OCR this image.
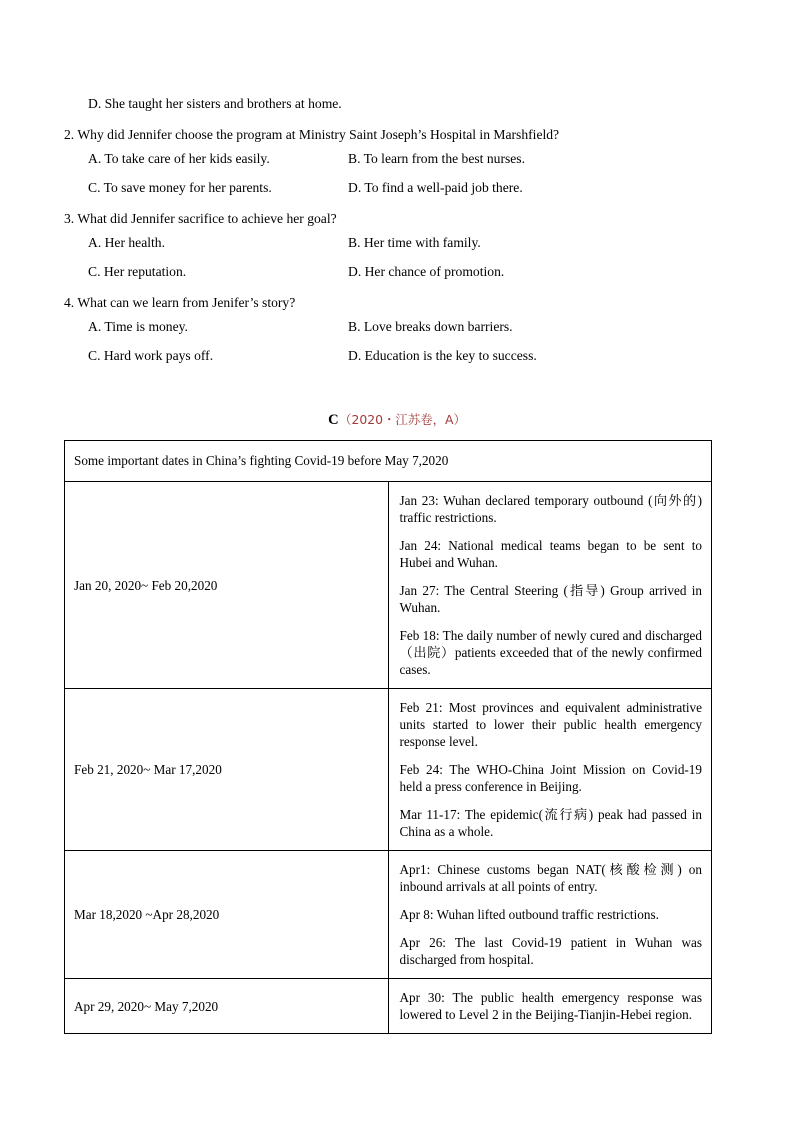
D. She taught her sisters and brothers at home.

2. Why did Jennifer choose the program at Ministry Saint Joseph’s Hospital in Marshfield?

A. To take care of her kids easily.	B. To learn from the best nurses.
C. To save money for her parents.	D. To find a well-paid job there.

3. What did Jennifer sacrifice to achieve her goal?

A. Her health.	B. Her time with family.
C. Her reputation.	D. Her chance of promotion.

4. What can we learn from Jenifer’s story?

A. Time is money.	B. Love breaks down barriers.
C. Hard work pays off.	D. Education is the key to success.
C（2020・江苏卷，A）
Some important dates in China’s fighting Covid-19 before May 7,2020	
Jan 20, 2020~ Feb 20,2020	Jan 23: Wuhan declared temporary outbound (向外的) traffic restrictions.

Jan 24: National medical teams began to be sent to Hubei and Wuhan.

Jan 27: The Central Steering (指导) Group arrived in Wuhan.

Feb 18: The daily number of newly cured and discharged（出院）patients exceeded that of the newly confirmed cases.

Feb 21, 2020~ Mar 17,2020	Feb 21: Most provinces and equivalent administrative units started to lower their public health emergency response level.

Feb 24: The WHO-China Joint Mission on Covid-19 held a press conference in Beijing.

Mar 11-17: The epidemic(流行病) peak had passed in China as a whole.

Mar 18,2020 ~Apr 28,2020	Apr1: Chinese customs began NAT(核酸检测) on inbound arrivals at all points of entry.

Apr 8: Wuhan lifted outbound traffic restrictions.

Apr 26: The last Covid-19 patient in Wuhan was discharged from hospital.

Apr 29, 2020~ May 7,2020	Apr 30: The public health emergency response was lowered to Level 2 in the Beijing-Tianjin-Hebei region.
